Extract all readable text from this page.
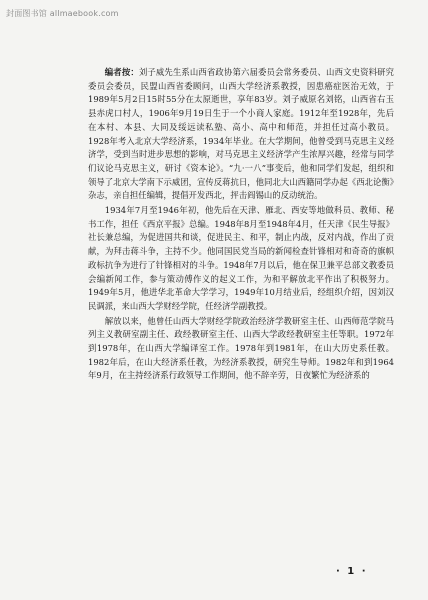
封面图书馆 allmaebook.com

编者按：刘子威先生系山西省政协第六届委员会常务委员、山西文史资料研究委员会委员，民盟山西省委顾问，山西大学经济系教授，因患癌症医治无效，于1989年5月2日15时55分在太原逝世，享年83岁。刘子威原名刘铭，山西省右玉县赤虎口村人，1906年9月19日生于一个小商人家庭。1912年至1928年，先后在本村、本县、大同及绥远读私塾、高小、高中和师范，并担任过高小教员。1928年考入北京大学经济系，1934年毕业。在大学期间，他曾受到马克思主义经济学，受到当时进步思想的影响，对马克思主义经济学产生浓厚兴趣，经常与同学们议论马克思主义，研讨《资本论》。“九·一八”事变后，他和同学们发起，组织和领导了北京大学南下示威团，宣传反蒋抗日，他同北大山西籍同学办起《西北论衡》杂志，亲自担任编辑，提倡开发西北，抨击阎锡山的反动统治。

1934年7月至1946年初，他先后在天津、雁北、西安等地做科员、教师、秘书工作，担任《西京平报》总编。1948年8月至1948年4月，任天津《民生导报》社长兼总编，为促进国共和谈，促进民主、和平，制止内战，反对内战，作出了贡献，为拜击蒋斗争，主持不少。他同国民党当局的新闻检查针锋相对和奇奇的旗帜政标抗争为进行了针锋相对的斗争。1948年7月以后，他在保卫兼平总部文教委员会编新闻工作，参与策动傅作义的起义工作，为和平解放北平作出了积极努力。1949年5月，他进华北革命大学学习，1949年10月结业后，经组织介绍，因刘汉民调派，来山西大学财经学院，任经济学副教授。

解放以来，他曾任山西大学财经学院政治经济学教研室主任、山西师范学院马列主义教研室副主任、政经教研室主任、山西大学政经教研室主任等职。1972年到1978年，在山西大学编译室工作。1978年到1981年，在山大历史系任教。1982年后，在山大经济系任教，为经济系教授，研究生导师。1982年和到1964年9月，在主持经济系行政领导工作期间，他不辞辛劳，日夜繁忙为经济系的

· 1 ·
